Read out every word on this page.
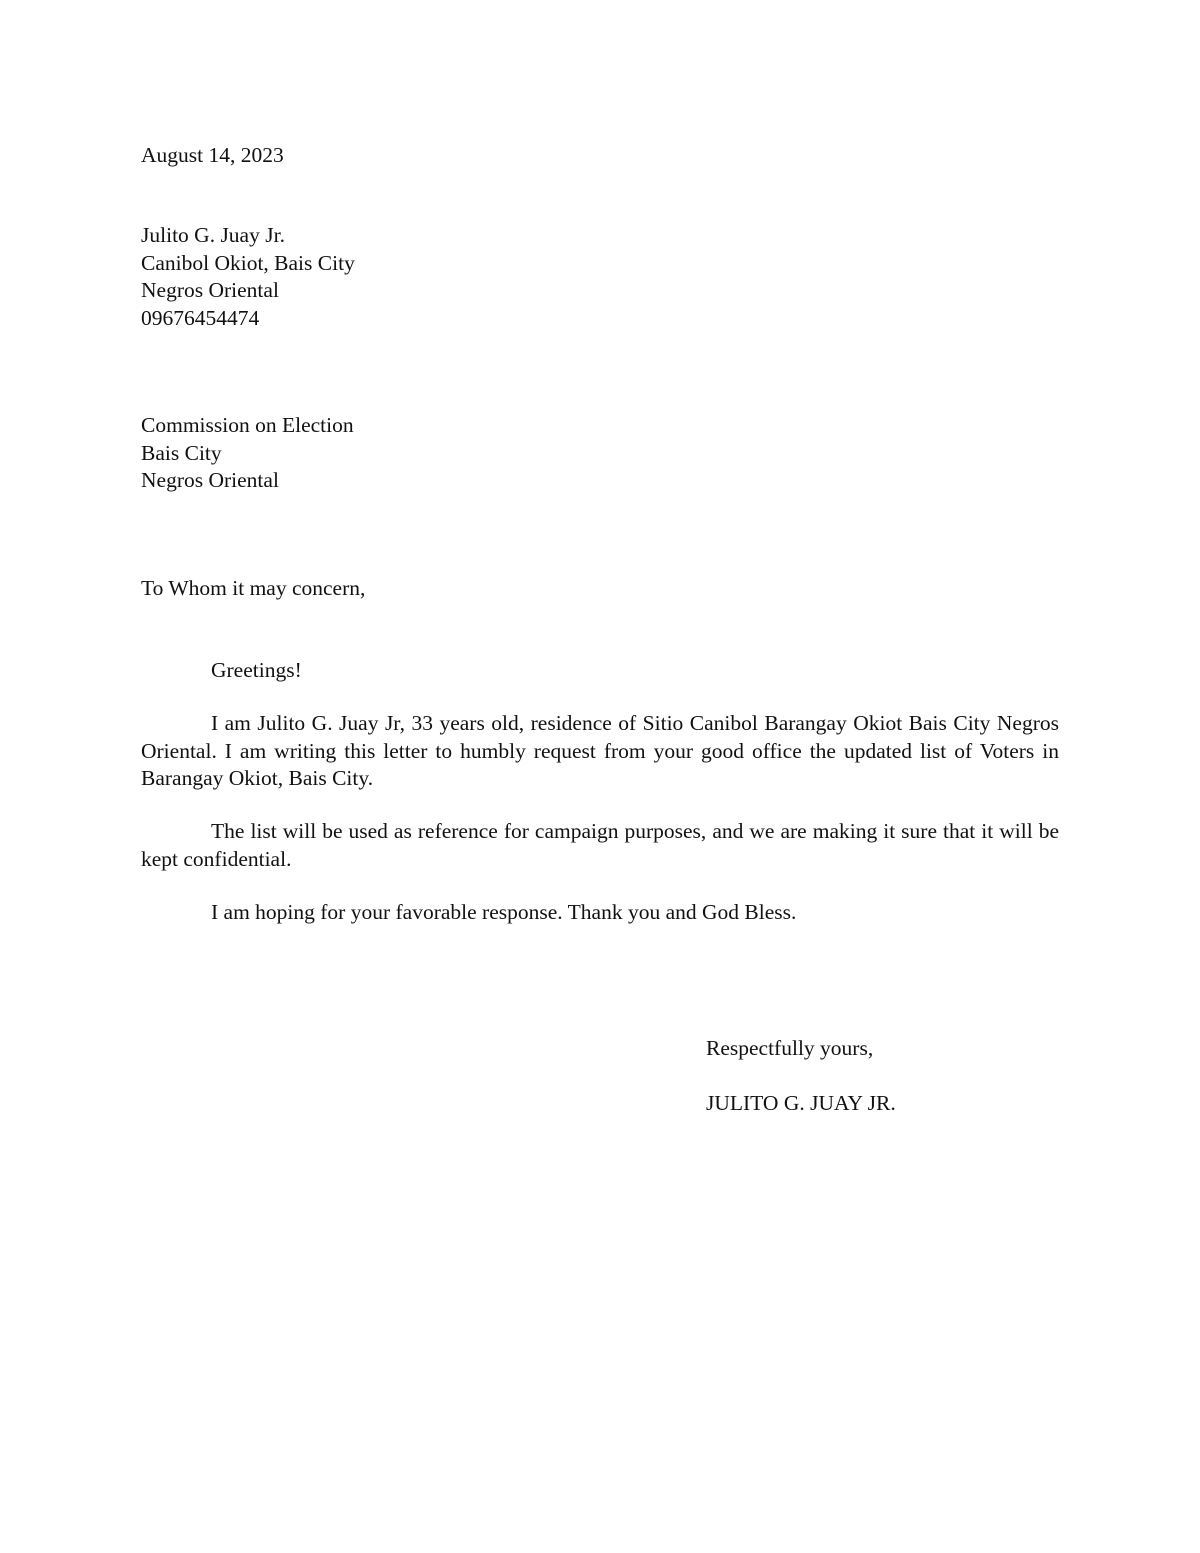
August 14, 2023
Julito G. Juay Jr.
Canibol Okiot, Bais City
Negros Oriental
09676454474
Commission on Election
Bais City
Negros Oriental
To Whom it may concern,
Greetings!
I am Julito G. Juay Jr, 33 years old, residence of Sitio Canibol Barangay Okiot Bais City Negros Oriental. I am writing this letter to humbly request from your good office the updated list of Voters in Barangay Okiot, Bais City.
The list will be used as reference for campaign purposes, and we are making it sure that it will be kept confidential.
I am hoping for your favorable response. Thank you and God Bless.
Respectfully yours,
JULITO G. JUAY JR.
